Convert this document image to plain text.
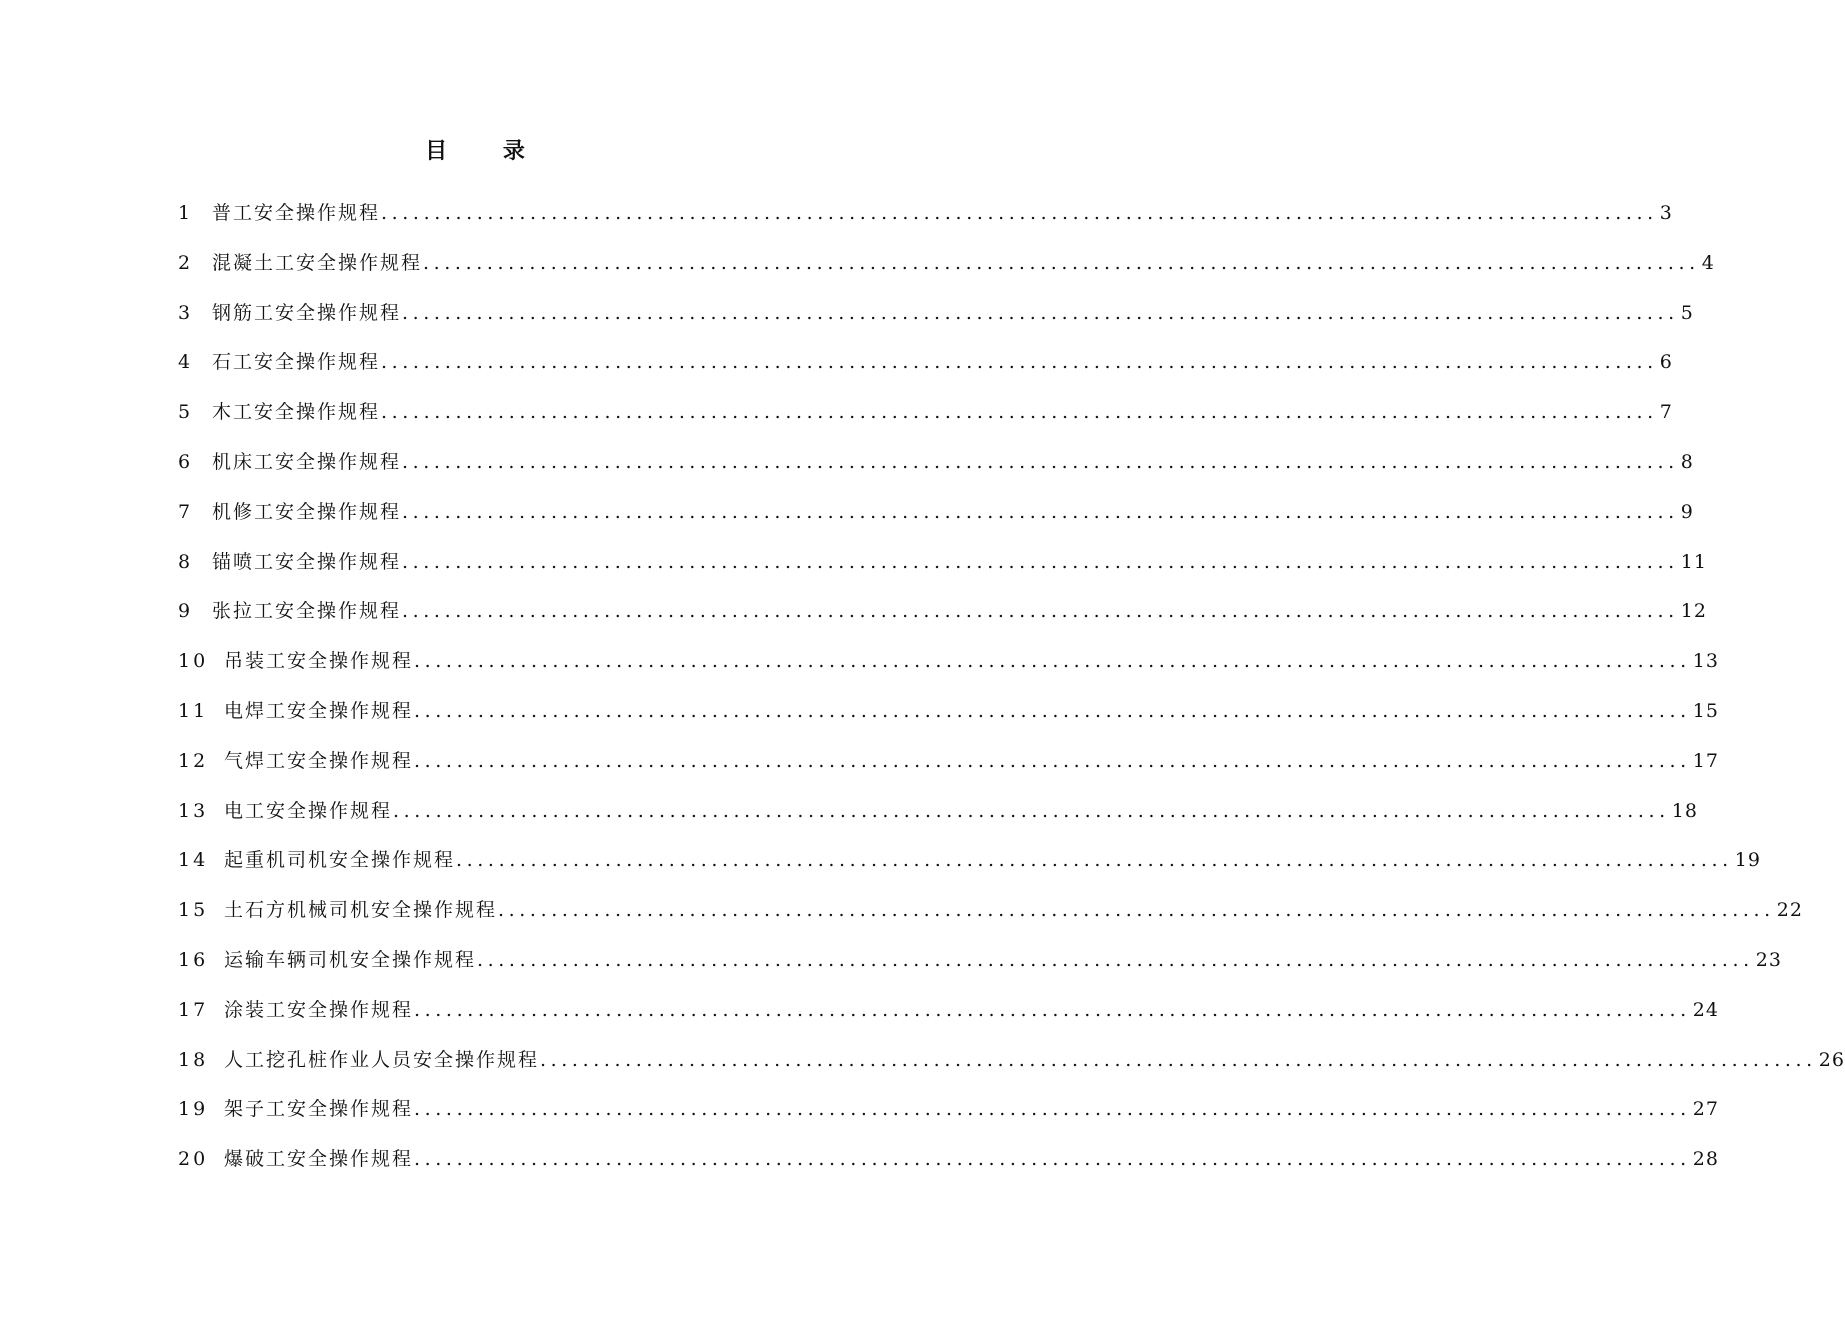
目 录
1 普工安全操作规程 ........................................................................................................................ 3
2 混凝土工安全操作规程 ........................................................................................................................ 4
3 钢筋工安全操作规程 ........................................................................................................................ 5
4 石工安全操作规程 ........................................................................................................................ 6
5 木工安全操作规程 ........................................................................................................................ 7
6 机床工安全操作规程 ........................................................................................................................ 8
7 机修工安全操作规程 ........................................................................................................................ 9
8 锚喷工安全操作规程 ........................................................................................................................ 11
9 张拉工安全操作规程 ........................................................................................................................ 12
10 吊装工安全操作规程 ........................................................................................................................ 13
11 电焊工安全操作规程 ........................................................................................................................ 15
12 气焊工安全操作规程 ........................................................................................................................ 17
13 电工安全操作规程 ........................................................................................................................ 18
14 起重机司机安全操作规程 ........................................................................................................................ 19
15 土石方机械司机安全操作规程 ........................................................................................................................ 22
16 运输车辆司机安全操作规程 ........................................................................................................................ 23
17 涂装工安全操作规程 ........................................................................................................................ 24
18 人工挖孔桩作业人员安全操作规程 ........................................................................................................................ 26
19 架子工安全操作规程 ........................................................................................................................ 27
20 爆破工安全操作规程 ........................................................................................................................ 28
